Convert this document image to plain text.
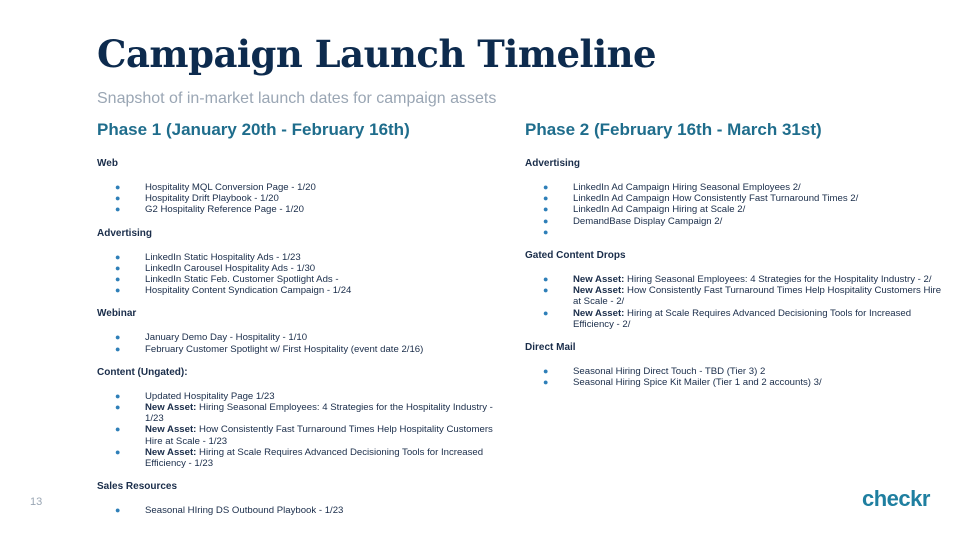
Campaign Launch Timeline
Snapshot of in-market launch dates for campaign assets
Phase 1 (January 20th - February 16th)
Web
●	Hospitality MQL Conversion Page - 1/20
●	Hospitality Drift Playbook - 1/20
●	G2 Hospitality Reference Page - 1/20
Advertising
●	LinkedIn Static Hospitality Ads - 1/23
●	LinkedIn Carousel Hospitality Ads - 1/30
●	LinkedIn Static Feb. Customer Spotlight Ads -
●	Hospitality Content Syndication Campaign - 1/24
Webinar
●	January Demo Day - Hospitality - 1/10
●	February Customer Spotlight w/ First Hospitality (event date 2/16)
Content (Ungated):
●	Updated Hospitality Page 1/23
●	New Asset: Hiring Seasonal Employees: 4 Strategies for the Hospitality Industry - 1/23
●	New Asset: How Consistently Fast Turnaround Times Help Hospitality Customers Hire at Scale - 1/23
●	New Asset: Hiring at Scale Requires Advanced Decisioning Tools for Increased Efficiency - 1/23
Sales Resources
●	Seasonal HIring DS Outbound Playbook - 1/23
Phase 2 (February 16th - March 31st)
Advertising
●	LinkedIn Ad Campaign Hiring Seasonal Employees 2/
●	LinkedIn Ad Campaign How Consistently Fast Turnaround Times 2/
●	LinkedIn Ad Campaign Hiring at Scale 2/
●	DemandBase Display Campaign 2/
●
Gated Content Drops
●	New Asset: Hiring Seasonal Employees: 4 Strategies for the Hospitality Industry - 2/
●	New Asset: How Consistently Fast Turnaround Times Help Hospitality Customers Hire at Scale - 2/
●	New Asset: Hiring at Scale Requires Advanced Decisioning Tools for Increased Efficiency - 2/
Direct Mail
●	Seasonal Hiring Direct Touch - TBD (Tier 3) 2
●	Seasonal Hiring Spice Kit Mailer (Tier 1 and 2 accounts) 3/
13	checkr
